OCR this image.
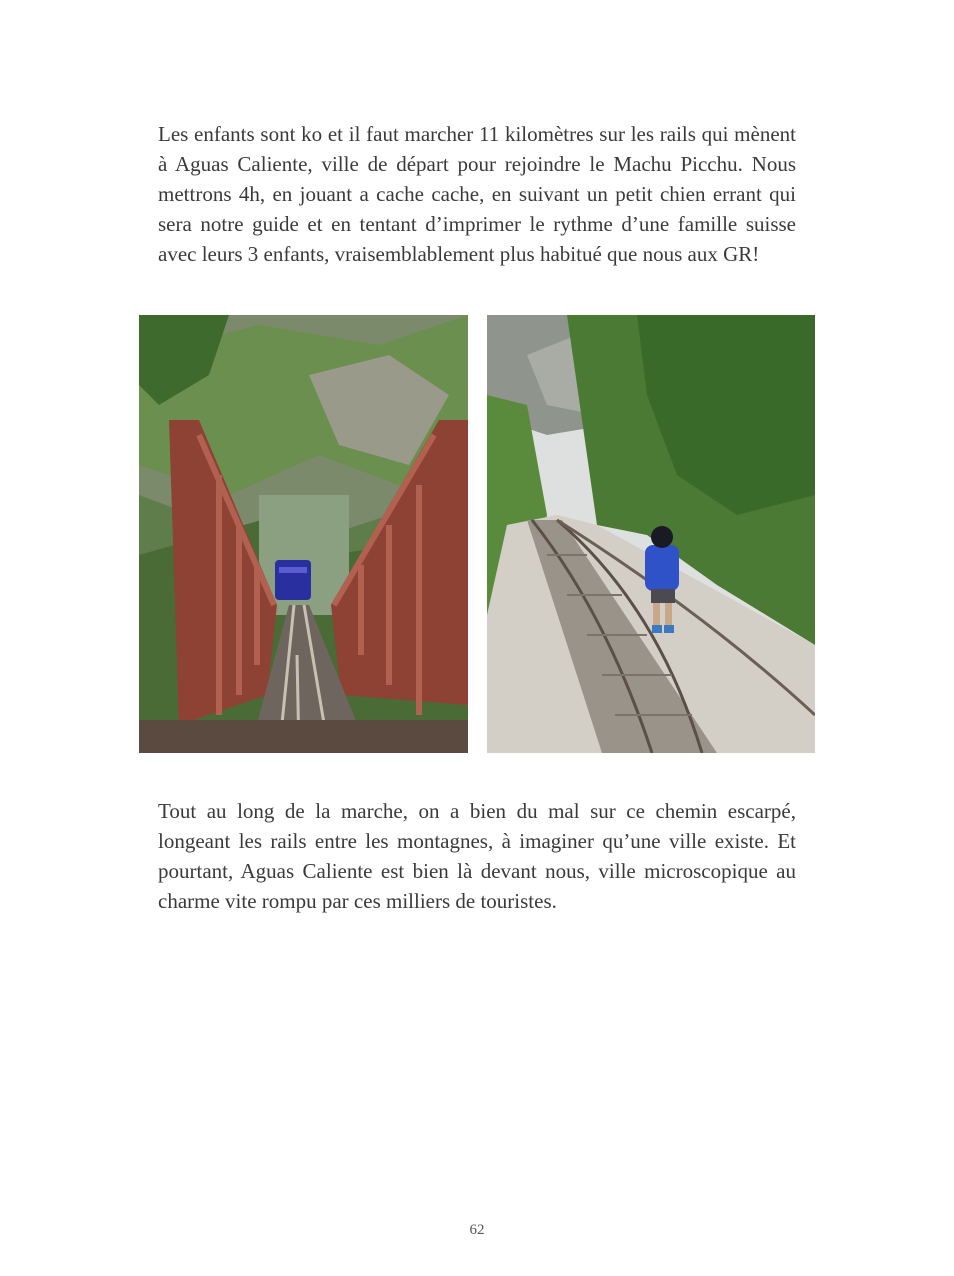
Les enfants sont ko et il faut marcher 11 kilomètres sur les rails qui mènent à Aguas Caliente, ville de départ pour rejoindre le Machu Picchu. Nous mettrons 4h, en jouant a cache cache, en suivant un petit chien errant qui sera notre guide et en tentant d’imprimer le rythme d’une famille suisse avec leurs 3 enfants, vraisemblablement plus habitué que nous aux GR!

Tout au long de la marche, on a bien du mal sur ce chemin escarpé, longeant les rails entre les montagnes, à imaginer qu’une ville existe. Et pourtant, Aguas Caliente est bien là devant nous, ville microscopique au charme vite rompu par ces milliers de touristes.

62
